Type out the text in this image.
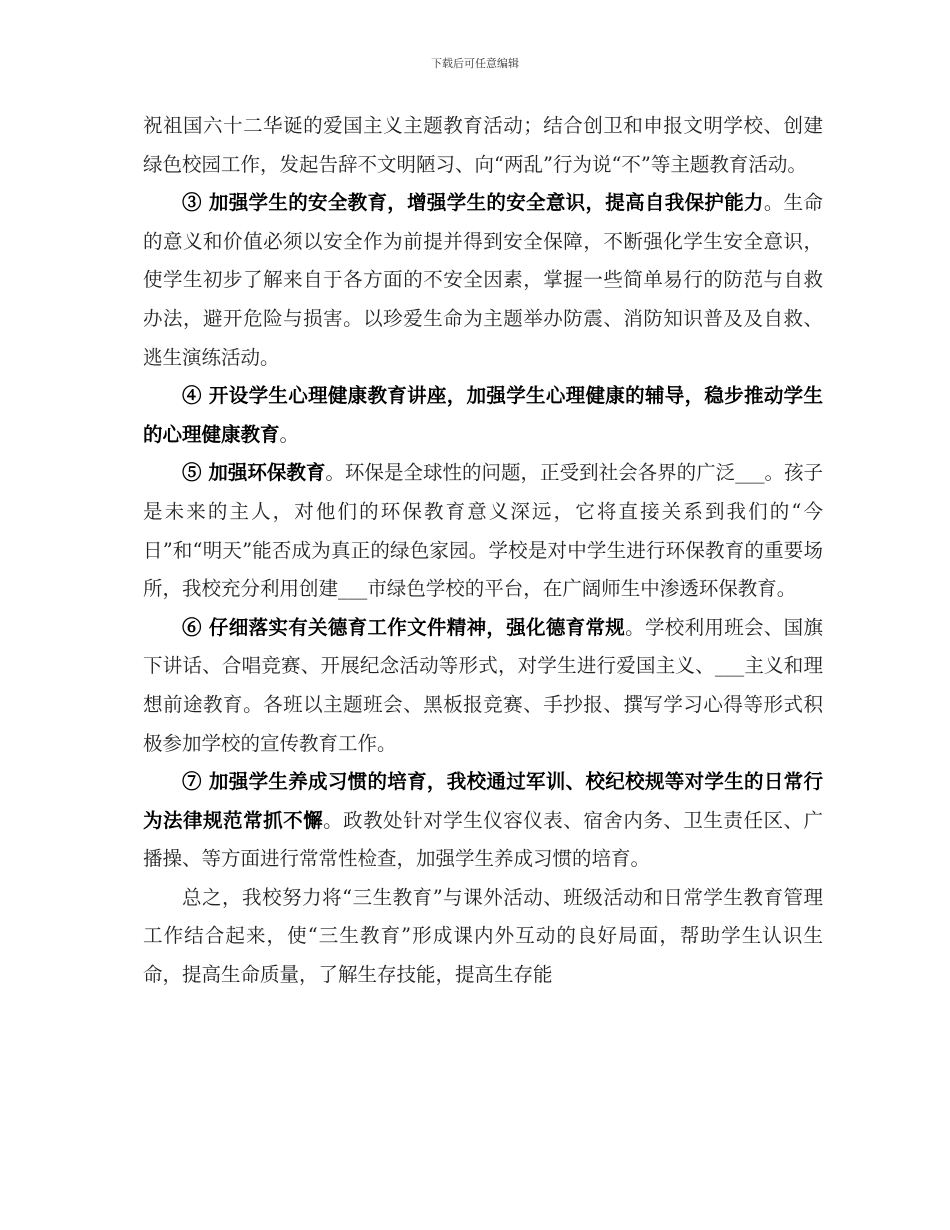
下载后可任意编辑

祝祖国六十二华诞的爱国主义主题教育活动；结合创卫和申报文明学校、创建绿色校园工作，发起告辞不文明陋习、向“两乱”行为说“不”等主题教育活动。

③ 加强学生的安全教育，增强学生的安全意识，提高自我保护能力。生命的意义和价值必须以安全作为前提并得到安全保障，不断强化学生安全意识，使学生初步了解来自于各方面的不安全因素，掌握一些简单易行的防范与自救办法，避开危险与损害。以珍爱生命为主题举办防震、消防知识普及及自救、逃生演练活动。

④ 开设学生心理健康教育讲座，加强学生心理健康的辅导，稳步推动学生的心理健康教育。

⑤ 加强环保教育。环保是全球性的问题，正受到社会各界的广泛___。孩子是未来的主人，对他们的环保教育意义深远，它将直接关系到我们的“今日”和“明天”能否成为真正的绿色家园。学校是对中学生进行环保教育的重要场所，我校充分利用创建___市绿色学校的平台，在广阔师生中渗透环保教育。

⑥ 仔细落实有关德育工作文件精神，强化德育常规。学校利用班会、国旗下讲话、合唱竞赛、开展纪念活动等形式，对学生进行爱国主义、___主义和理想前途教育。各班以主题班会、黑板报竞赛、手抄报、撰写学习心得等形式积极参加学校的宣传教育工作。

⑦ 加强学生养成习惯的培育，我校通过军训、校纪校规等对学生的日常行为法律规范常抓不懈。政教处针对学生仪容仪表、宿舍内务、卫生责任区、广播操、等方面进行常常性检查，加强学生养成习惯的培育。

总之，我校努力将“三生教育”与课外活动、班级活动和日常学生教育管理工作结合起来，使“三生教育”形成课内外互动的良好局面，帮助学生认识生命，提高生命质量，了解生存技能，提高生存能
